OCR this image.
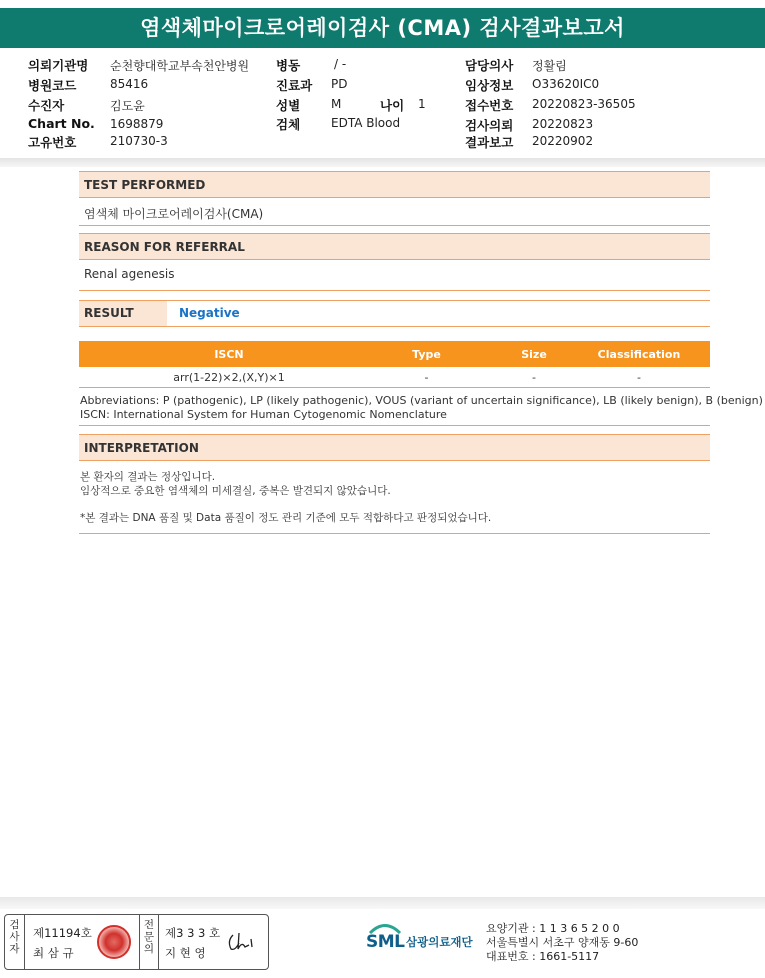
염색체마이크로어레이검사 (CMA) 검사결과보고서
의뢰기관명 순천향대학교부속천안병원
병원코드	85416
수진자	김도윤
Chart No. 1698879
고유번호	210730-3
병동	/ -
진료과 PD
성별	M	나이 1
검체	EDTA Blood
담당의사 정활림
임상정보 O33620IC0
접수번호 20220823-36505
검사의뢰 20220823
결과보고 20220902
TEST PERFORMED
염색체 마이크로어레이검사(CMA)
REASON FOR REFERRAL
Renal agenesis
RESULT	Negative
ISCN	Type	Size	Classification
arr(1-22)×2,(X,Y)×1	-	-	-
Abbreviations: P (pathogenic), LP (likely pathogenic), VOUS (variant of uncertain significance), LB (likely benign), B (benign)
ISCN: International System for Human Cytogenomic Nomenclature
INTERPRETATION
본 환자의 결과는 정상입니다.
임상적으로 중요한 염색체의 미세결실, 중복은 발견되지 않았습니다.
*본 결과는 DNA 품질 및 Data 품질이 정도 관리 기준에 모두 적합하다고 판정되었습니다.
검
사
자
제11194호
최 삼 규
전
문
의
제3 3 3 호
지 현 영
SML 삼광의료재단
요양기관 : 1 1 3 6 5 2 0 0
서울특별시 서초구 양재동 9-60
대표번호 : 1661-5117
